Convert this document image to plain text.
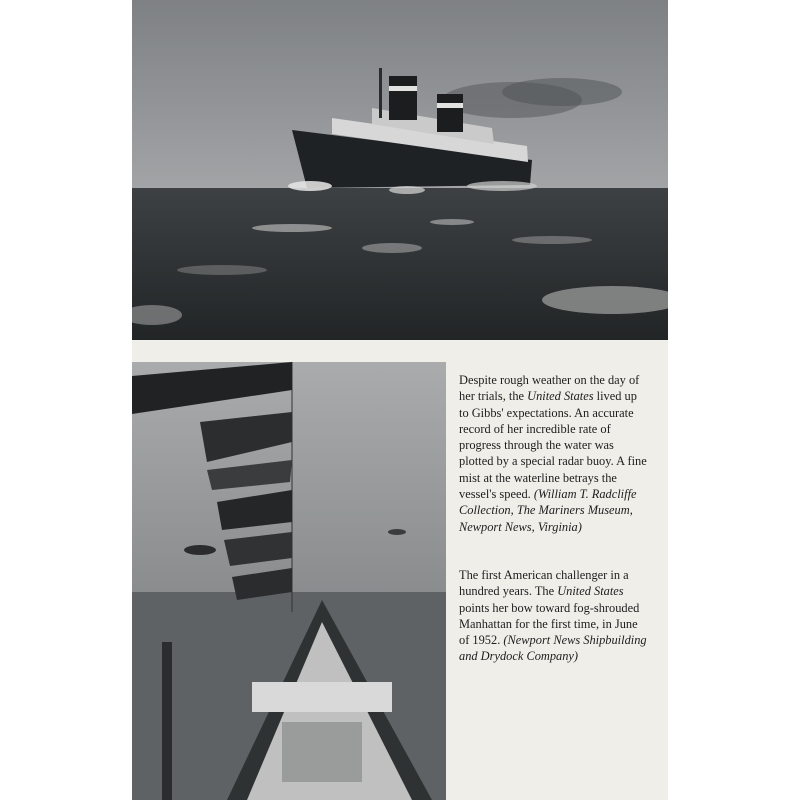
Despite rough weather on the day of her trials, the United States lived up to Gibbs' expectations. An accurate record of her incredible rate of progress through the water was plotted by a special radar buoy. A fine mist at the waterline betrays the vessel's speed. (William T. Radcliffe Collection, The Mariners Museum, Newport News, Virginia)

The first American challenger in a hundred years. The United States points her bow toward fog-shrouded Manhattan for the first time, in June of 1952. (Newport News Shipbuilding and Drydock Company)
